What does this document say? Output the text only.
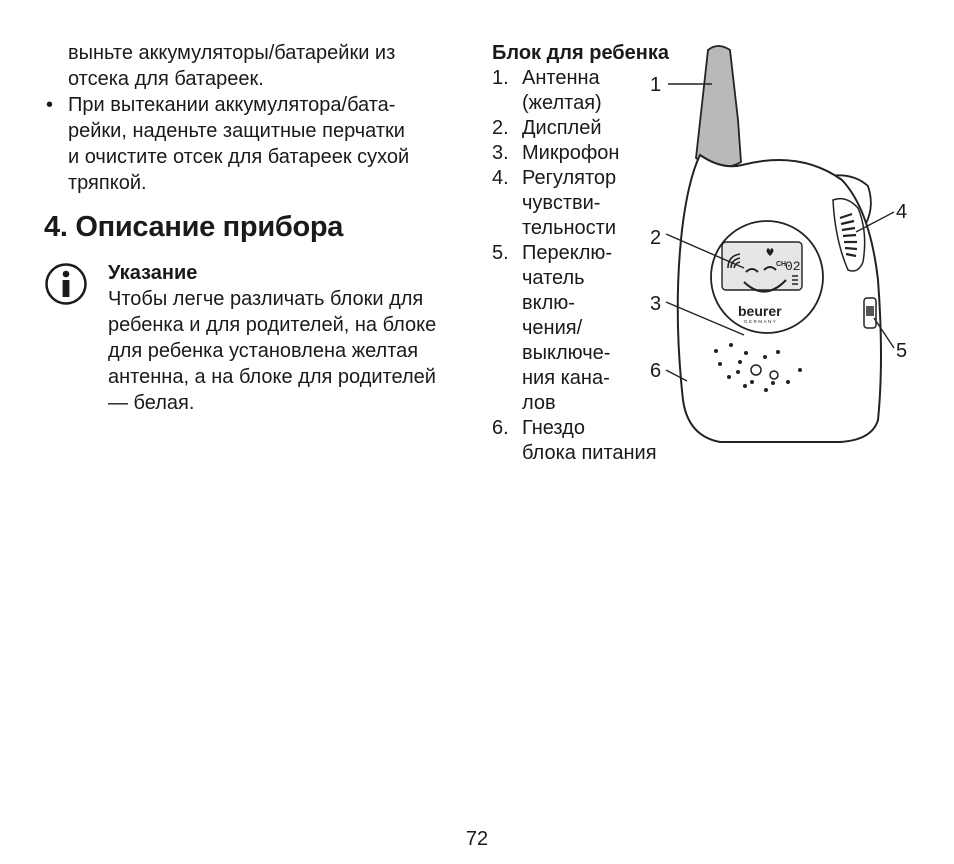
выньте аккумуляторы/батарейки из

отсека для батареек.

• При вытекании аккумулятора/бата-
рейки, наденьте защитные перчатки
и очистите отсек для батареек сухой
тряпкой.
4. Описание прибора

Указание

Чтобы легче различать блоки для

ребенка и для родителей, на блоке

для ребенка установлена желтая

антенна, а на блоке для родителей

— белая.

Блок для ребенка

1. Антенна
(желтая)
2. Дисплей
3. Микрофон
4. Регулятор
чувстви-
тельности
5. Переклю-
чатель
вклю-
чения/
выключе-
ния кана-
лов
6. Гнездо
блока питания
CH
02
beurer
GERMANY
1
2
3
4
5
6
72
